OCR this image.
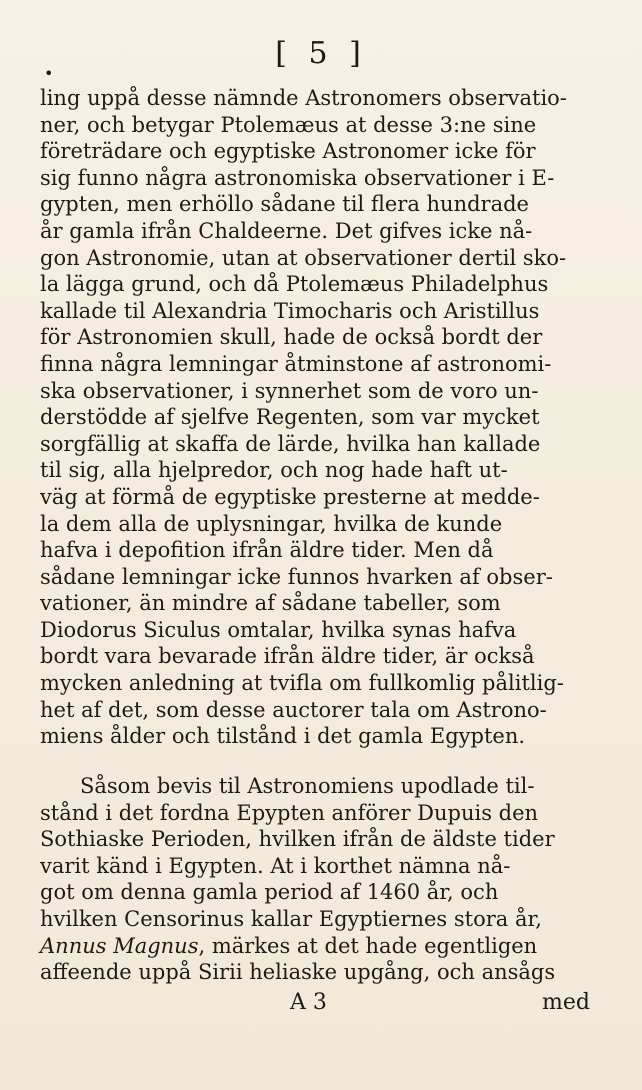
[ 5 ]
•
ling uppå desse nämnde Astronomers observatio-
ner, och betygar Ptolemæus at desse 3:ne sine
företrädare och egyptiske Astronomer icke för
sig funno några astronomiska observationer i E-
gypten, men erhöllo sådane til flera hundrade
år gamla ifrån Chaldeerne. Det gifves icke nå-
gon Astronomie, utan at observationer dertil sko-
la lägga grund, och då Ptolemæus Philadelphus
kallade til Alexandria Timocharis och Aristillus
för Astronomien skull, hade de också bordt der
finna några lemningar åtminstone af astronomi-
ska observationer, i synnerhet som de voro un-
derstödde af sjelfve Regenten, som var mycket
sorgfällig at skaffa de lärde, hvilka han kallade
til sig, alla hjelpredor, och nog hade haft ut-
väg at förmå de egyptiske presterne at medde-
la dem alla de uplysningar, hvilka de kunde
hafva i depofition ifrån äldre tider. Men då
sådane lemningar icke funnos hvarken af obser-
vationer, än mindre af sådane tabeller, som
Diodorus Siculus omtalar, hvilka synas hafva
bordt vara bevarade ifrån äldre tider, är också
mycken anledning at tvifla om fullkomlig pålitlig-
het af det, som desse auctorer tala om Astrono-
miens ålder och tilstånd i det gamla Egypten.
Såsom bevis til Astronomiens upodlade til-
stånd i det fordna Epypten anförer Dupuis den
Sothiaske Perioden, hvilken ifrån de äldste tider
varit känd i Egypten. At i korthet nämna nå-
got om denna gamla period af 1460 år, och
hvilken Censorinus kallar Egyptiernes stora år,
Annus Magnus, märkes at det hade egentligen
affeende uppå Sirii heliaske upgång, och ansågs
A 3	med
